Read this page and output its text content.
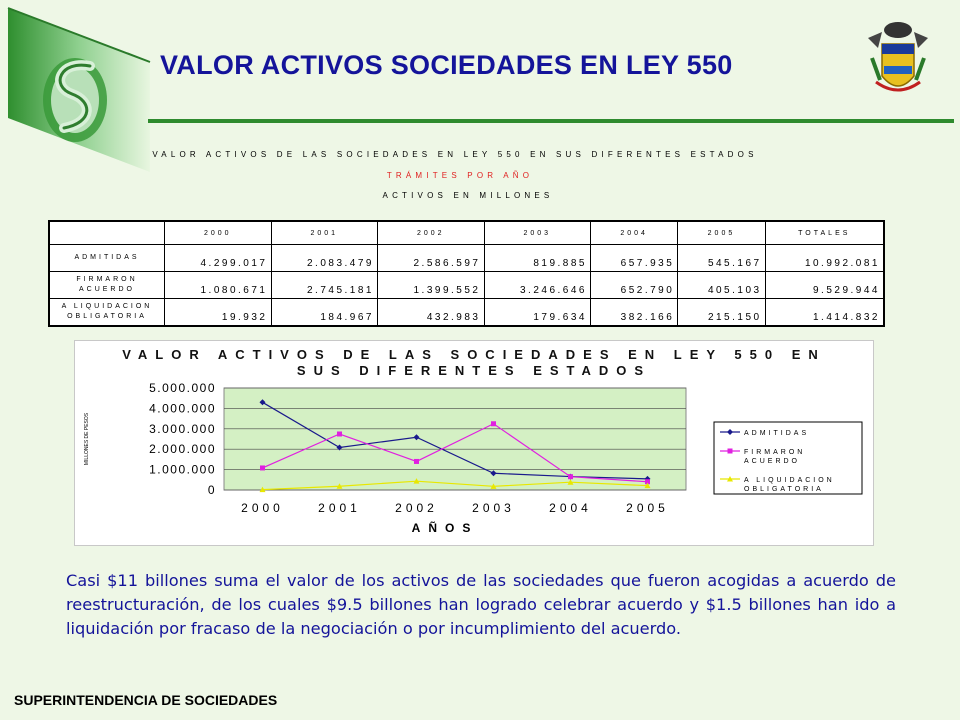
VALOR ACTIVOS SOCIEDADES EN LEY 550
VALOR ACTIVOS DE LAS SOCIEDADES EN LEY 550 EN SUS DIFERENTES ESTADOS
TRÁMITES POR AÑO
ACTIVOS EN MILLONES
	2000	2001	2002	2003	2004	2005	TOTALES
ADMITIDAS	4.299.017	2.083.479	2.586.597	819.885	657.935	545.167	10.992.081
FIRMARON
ACUERDO	1.080.671	2.745.181	1.399.552	3.246.646	652.790	405.103	9.529.944
A LIQUIDACION
OBLIGATORIA	19.932	184.967	432.983	179.634	382.166	215.150	1.414.832
VALOR ACTIVOS DE LAS SOCIEDADES EN LEY 550 EN
SUS DIFERENTES ESTADOS
0
1.000.000
2.000.000
3.000.000
4.000.000
5.000.000
MILLONES DE PESOS
2000	2001	2002	2003	2004	2005
AÑOS
ADMITIDAS
FIRMARON
ACUERDO
A LIQUIDACION
OBLIGATORIA
Casi $11 billones suma el valor de los activos de las sociedades que fueron acogidas a acuerdo de reestructuración, de los cuales $9.5 billones han logrado celebrar acuerdo y $1.5 billones han ido a liquidación por fracaso de la negociación o por incumplimiento del acuerdo.
SUPERINTENDENCIA DE SOCIEDADES
